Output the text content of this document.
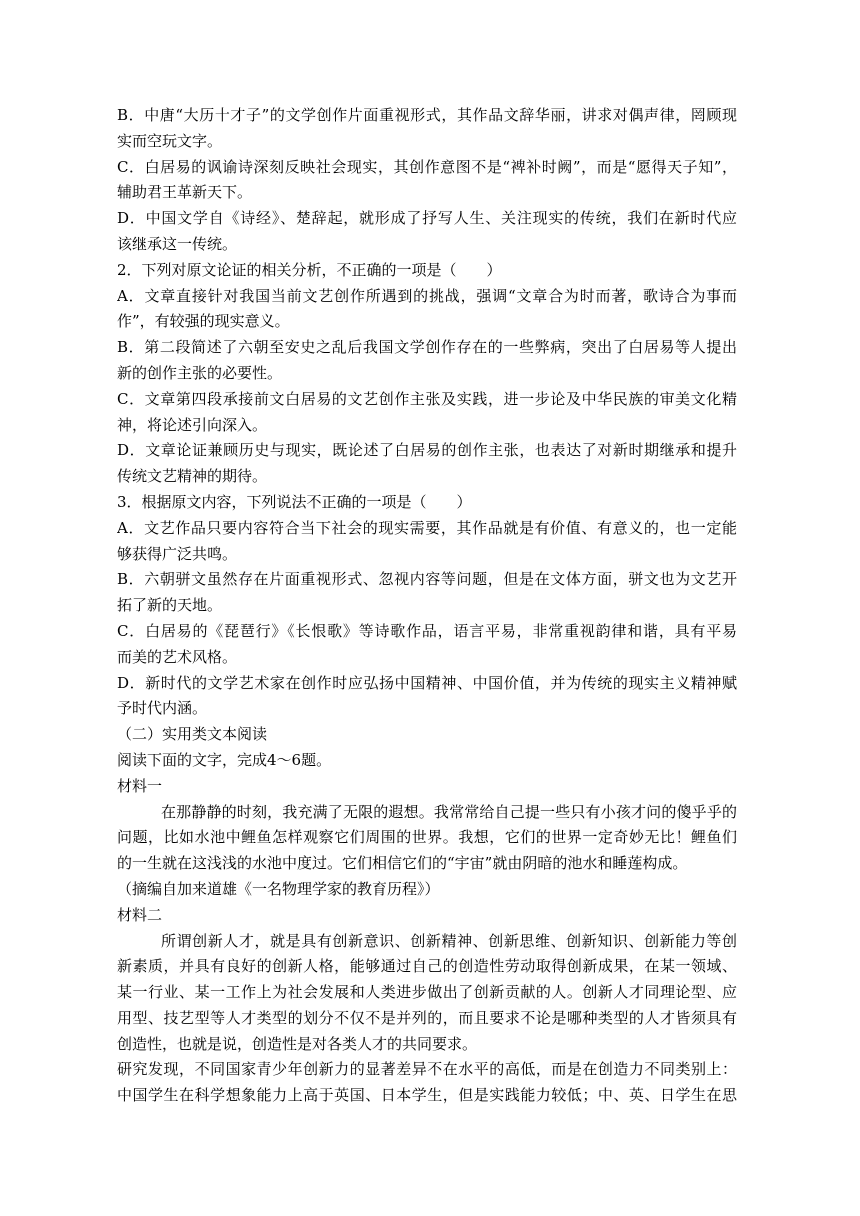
B．中唐“大历十才子”的文学创作片面重视形式，其作品文辞华丽，讲求对偶声律，罔顾现
实而空玩文字。
C．白居易的讽谕诗深刻反映社会现实，其创作意图不是“裨补时阙”，而是“愿得天子知”，
辅助君王革新天下。
D．中国文学自《诗经》、楚辞起，就形成了抒写人生、关注现实的传统，我们在新时代应
该继承这一传统。
2．下列对原文论证的相关分析，不正确的一项是（　　）
A．文章直接针对我国当前文艺创作所遇到的挑战，强调“文章合为时而著，歌诗合为事而
作”，有较强的现实意义。
B．第二段简述了六朝至安史之乱后我国文学创作存在的一些弊病，突出了白居易等人提出
新的创作主张的必要性。
C．文章第四段承接前文白居易的文艺创作主张及实践，进一步论及中华民族的审美文化精
神，将论述引向深入。
D．文章论证兼顾历史与现实，既论述了白居易的创作主张，也表达了对新时期继承和提升
传统文艺精神的期待。
3．根据原文内容，下列说法不正确的一项是（　　）
A．文艺作品只要内容符合当下社会的现实需要，其作品就是有价值、有意义的，也一定能
够获得广泛共鸣。
B．六朝骈文虽然存在片面重视形式、忽视内容等问题，但是在文体方面，骈文也为文艺开
拓了新的天地。
C．白居易的《琵琶行》《长恨歌》等诗歌作品，语言平易，非常重视韵律和谐，具有平易
而美的艺术风格。
D．新时代的文学艺术家在创作时应弘扬中国精神、中国价值，并为传统的现实主义精神赋
予时代内涵。
（二）实用类文本阅读
阅读下面的文字，完成4～6题。
材料一
在那静静的时刻，我充满了无限的遐想。我常常给自己提一些只有小孩才问的傻乎乎的
问题，比如水池中鲤鱼怎样观察它们周围的世界。我想，它们的世界一定奇妙无比！鲤鱼们
的一生就在这浅浅的水池中度过。它们相信它们的“宇宙”就由阴暗的池水和睡莲构成。
（摘编自加来道雄《一名物理学家的教育历程》）
材料二
所谓创新人才，就是具有创新意识、创新精神、创新思维、创新知识、创新能力等创
新素质，并具有良好的创新人格，能够通过自己的创造性劳动取得创新成果，在某一领域、
某一行业、某一工作上为社会发展和人类进步做出了创新贡献的人。创新人才同理论型、应
用型、技艺型等人才类型的划分不仅不是并列的，而且要求不论是哪种类型的人才皆须具有
创造性，也就是说，创造性是对各类人才的共同要求。
研究发现，不同国家青少年创新力的显著差异不在水平的高低，而是在创造力不同类别上：
中国学生在科学想象能力上高于英国、日本学生，但是实践能力较低；中、英、日学生在思
